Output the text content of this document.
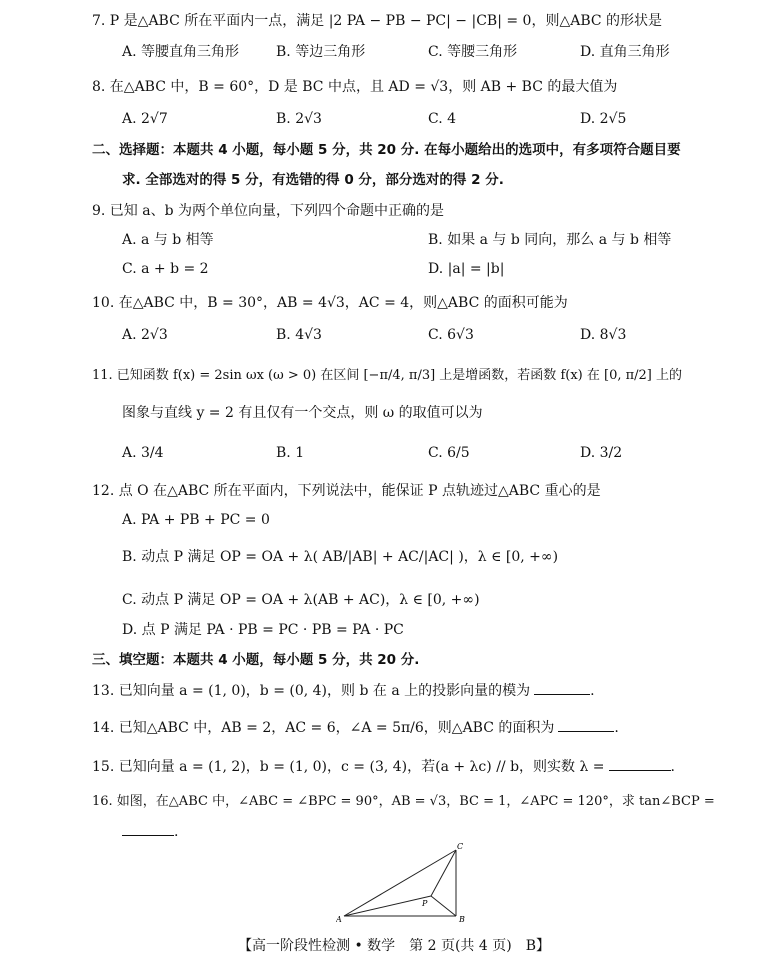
7. P 是△ABC 所在平面内一点，满足 |2 PA − PB − PC| − |CB| = 0，则△ABC 的形状是
A. 等腰直角三角形	B. 等边三角形	C. 等腰三角形	D. 直角三角形
8. 在△ABC 中，B = 60°，D 是 BC 中点，且 AD = √3，则 AB + BC 的最大值为
A. 2√7	B. 2√3	C. 4	D. 2√5
二、选择题：本题共 4 小题，每小题 5 分，共 20 分. 在每小题给出的选项中，有多项符合题目要
求. 全部选对的得 5 分，有选错的得 0 分，部分选对的得 2 分.
9. 已知 a、b 为两个单位向量，下列四个命题中正确的是
A. a 与 b 相等	B. 如果 a 与 b 同向，那么 a 与 b 相等
C. a + b = 2	D. |a| = |b|
10. 在△ABC 中，B = 30°，AB = 4√3，AC = 4，则△ABC 的面积可能为
A. 2√3	B. 4√3	C. 6√3	D. 8√3
11. 已知函数 f(x) = 2sin ωx (ω > 0) 在区间 [−π/4, π/3] 上是增函数，若函数 f(x) 在 [0, π/2] 上的
图象与直线 y = 2 有且仅有一个交点，则 ω 的取值可以为
A. 3/4	B. 1	C. 6/5	D. 3/2
12. 点 O 在△ABC 所在平面内，下列说法中，能保证 P 点轨迹过△ABC 重心的是
A. PA + PB + PC = 0
B. 动点 P 满足 OP = OA + λ( AB/|AB| + AC/|AC| )，λ ∈ [0, +∞)
C. 动点 P 满足 OP = OA + λ(AB + AC)，λ ∈ [0, +∞)
D. 点 P 满足 PA · PB = PC · PB = PA · PC
三、填空题：本题共 4 小题，每小题 5 分，共 20 分.
13. 已知向量 a = (1, 0)，b = (0, 4)，则 b 在 a 上的投影向量的模为	.
14. 已知△ABC 中，AB = 2，AC = 6，∠A = 5π/6，则△ABC 的面积为	.
15. 已知向量 a = (1, 2)，b = (1, 0)，c = (3, 4)，若(a + λc) // b，则实数 λ =	.
16. 如图，在△ABC 中，∠ABC = ∠BPC = 90°，AB = √3，BC = 1，∠APC = 120°，求 tan∠BCP =
.
A	B
C
P
【高一阶段性检测 • 数学　第 2 页(共 4 页)　B】
